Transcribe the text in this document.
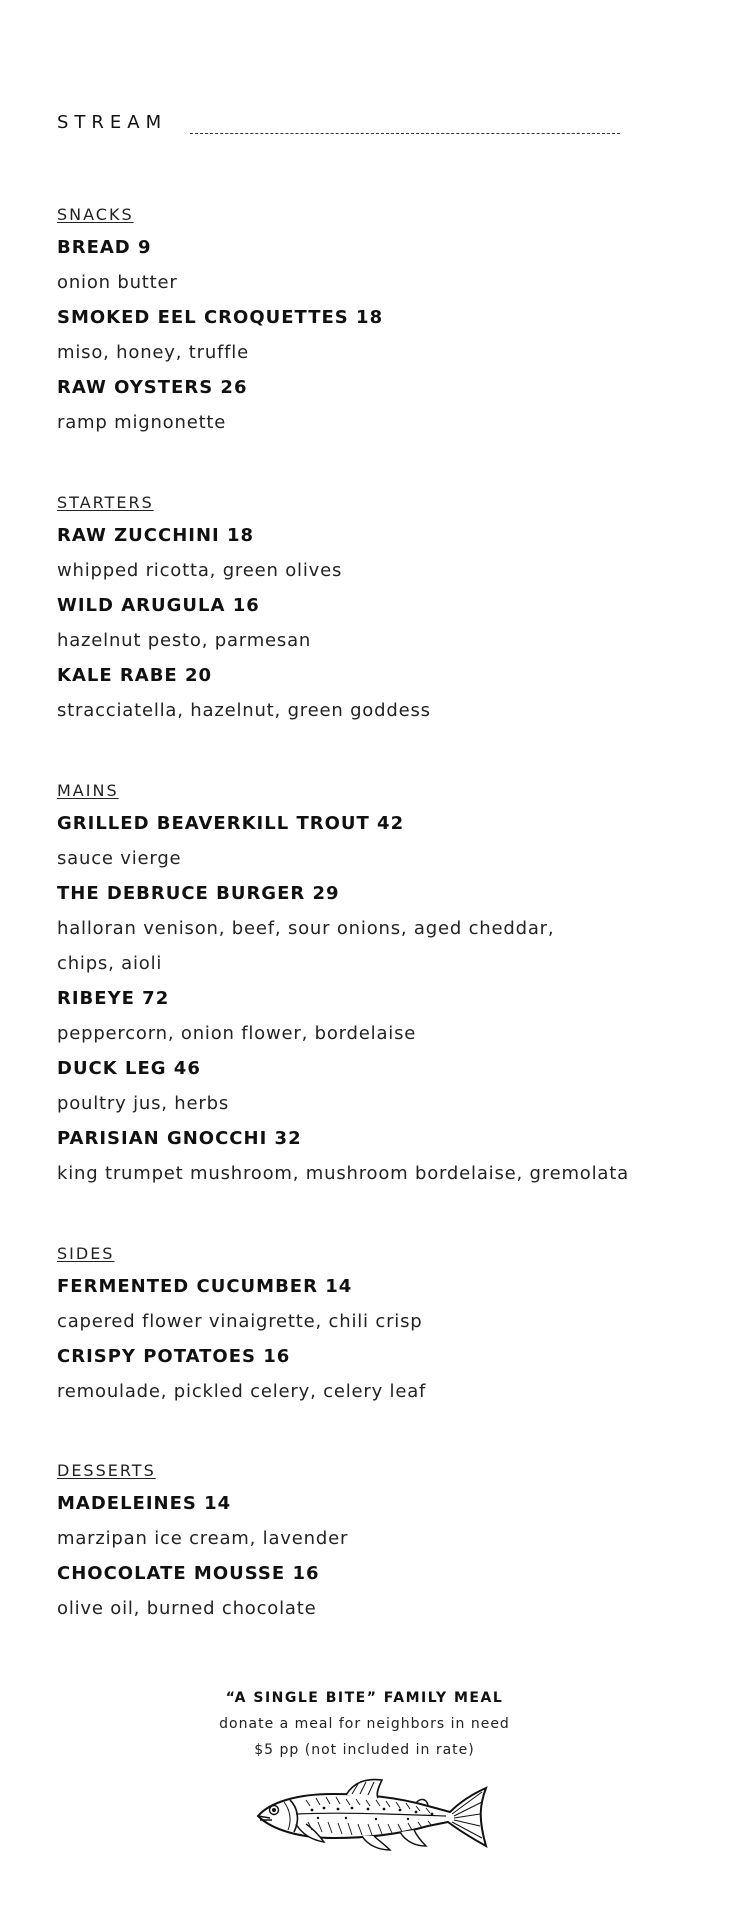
STREAM
SNACKS
BREAD 9
onion butter
SMOKED EEL CROQUETTES 18
miso, honey, truffle
RAW OYSTERS 26
ramp mignonette
STARTERS
RAW ZUCCHINI 18
whipped ricotta, green olives
WILD ARUGULA 16
hazelnut pesto, parmesan
KALE RABE 20
stracciatella, hazelnut, green goddess
MAINS
GRILLED BEAVERKILL TROUT 42
sauce vierge
THE DEBRUCE BURGER 29
halloran venison, beef, sour onions, aged cheddar,
chips, aioli
RIBEYE 72
peppercorn, onion flower, bordelaise
DUCK LEG 46
poultry jus, herbs
PARISIAN GNOCCHI 32
king trumpet mushroom, mushroom bordelaise, gremolata
SIDES
FERMENTED CUCUMBER 14
capered flower vinaigrette, chili crisp
CRISPY POTATOES 16
remoulade, pickled celery, celery leaf
DESSERTS
MADELEINES 14
marzipan ice cream, lavender
CHOCOLATE MOUSSE 16
olive oil, burned chocolate
“A SINGLE BITE” FAMILY MEAL
donate a meal for neighbors in need
$5 pp (not included in rate)
